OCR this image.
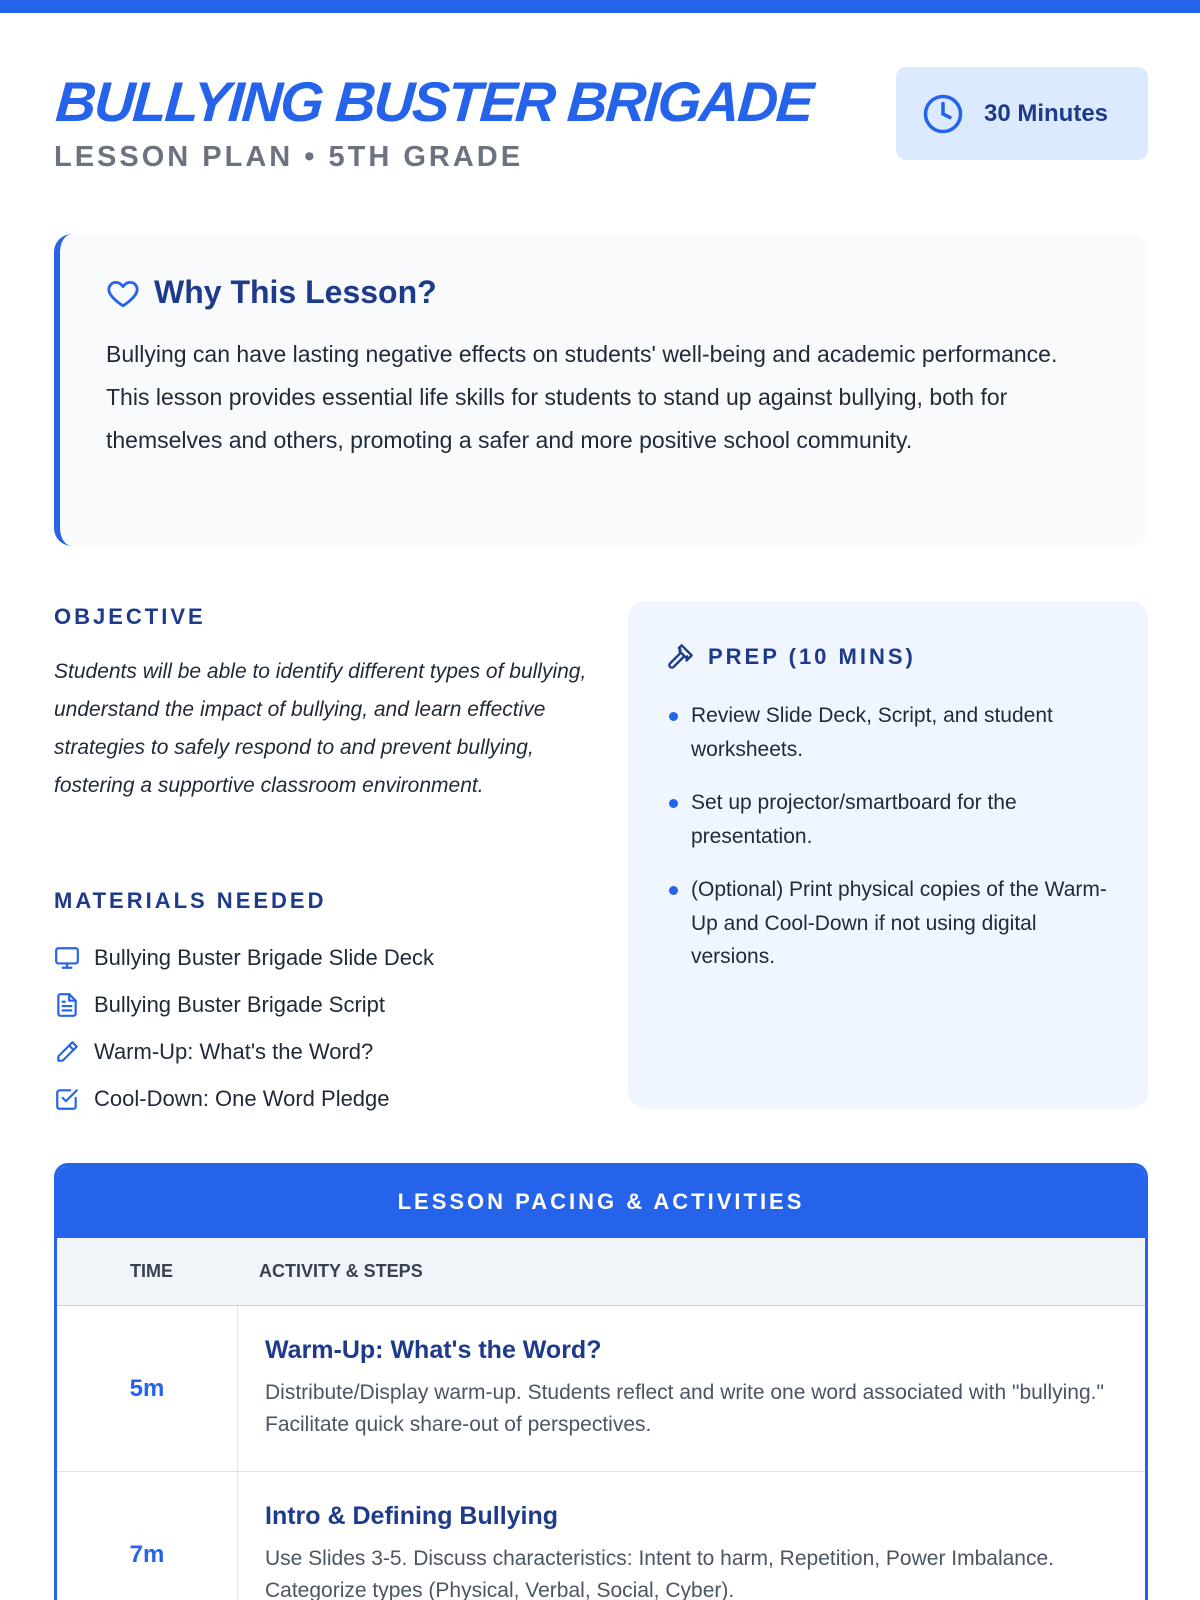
BULLYING BUSTER BRIGADE
LESSON PLAN • 5TH GRADE
30 Minutes
Why This Lesson?

Bullying can have lasting negative effects on students' well-being and academic performance. This lesson provides essential life skills for students to stand up against bullying, both for themselves and others, promoting a safer and more positive school community.

OBJECTIVE

Students will be able to identify different types of bullying, understand the impact of bullying, and learn effective strategies to safely respond to and prevent bullying, fostering a supportive classroom environment.

MATERIALS NEEDED
Bullying Buster Brigade Slide Deck
Bullying Buster Brigade Script
Warm-Up: What's the Word?
Cool-Down: One Word Pledge
PREP (10 MINS)
Review Slide Deck, Script, and student worksheets.
Set up projector/smartboard for the presentation.
(Optional) Print physical copies of the Warm-Up and Cool-Down if not using digital versions.
LESSON PACING & ACTIVITIES
TIME	ACTIVITY & STEPS
5m
Warm-Up: What's the Word?
Distribute/Display warm-up. Students reflect and write one word associated with "bullying." Facilitate quick share-out of perspectives.
7m
Intro & Defining Bullying
Use Slides 3-5. Discuss characteristics: Intent to harm, Repetition, Power Imbalance. Categorize types (Physical, Verbal, Social, Cyber).
